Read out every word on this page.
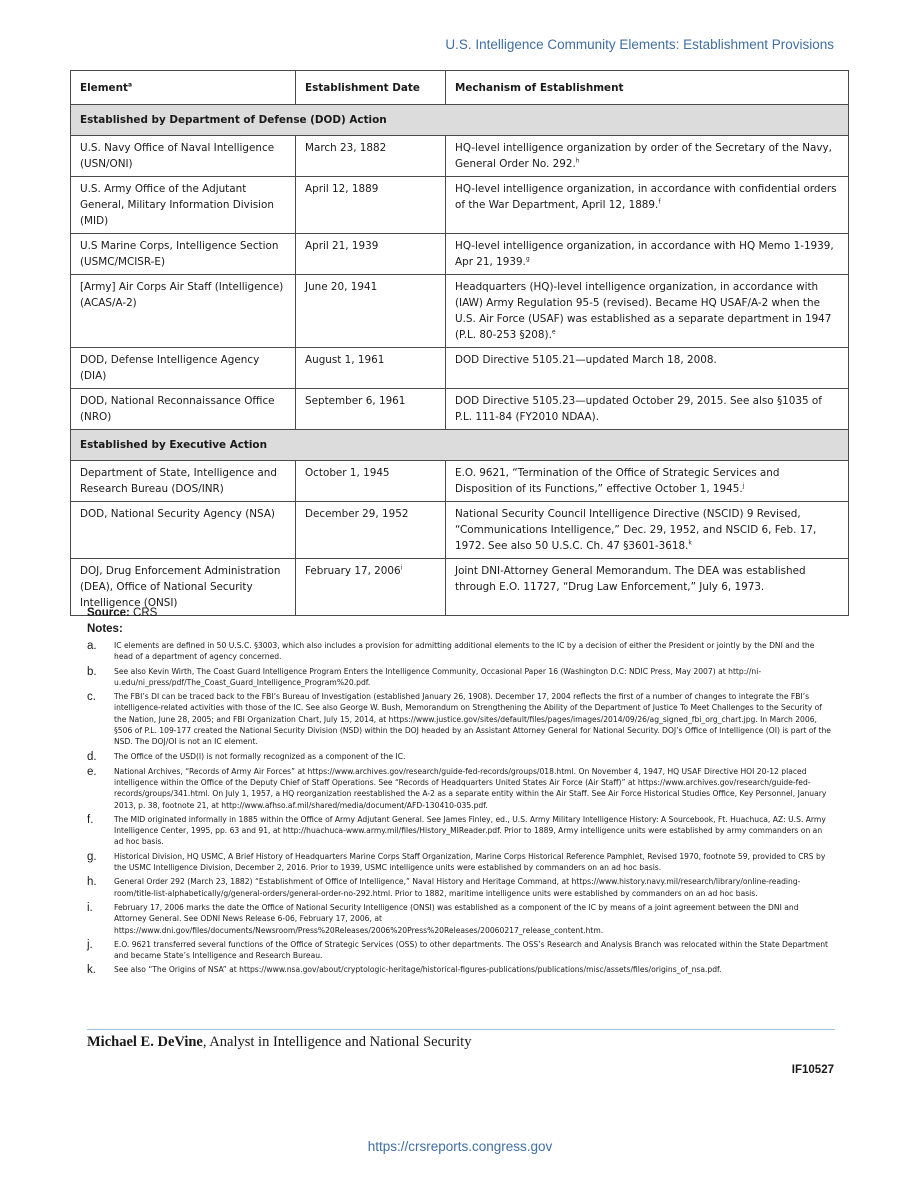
U.S. Intelligence Community Elements: Establishment Provisions
Element$^a$	Establishment Date	Mechanism of Establishment
Established by Department of Defense (DOD) Action		
U.S. Navy Office of Naval Intelligence (USN/ONI)	March 23, 1882	HQ-level intelligence organization by order of the Secretary of the Navy, General Order No. 292.$^h$
U.S. Army Office of the Adjutant General, Military Information Division (MID)	April 12, 1889	HQ-level intelligence organization, in accordance with confidential orders of the War Department, April 12, 1889.$^f$
U.S Marine Corps, Intelligence Section (USMC/MCISR-E)	April 21, 1939	HQ-level intelligence organization, in accordance with HQ Memo 1-1939, Apr 21, 1939.$^g$
[Army] Air Corps Air Staff (Intelligence) (ACAS/A-2)	June 20, 1941	Headquarters (HQ)-level intelligence organization, in accordance with (IAW) Army Regulation 95-5 (revised). Became HQ USAF/A-2 when the U.S. Air Force (USAF) was established as a separate department in 1947 (P.L. 80-253 §208).$^e$
DOD, Defense Intelligence Agency (DIA)	August 1, 1961	DOD Directive 5105.21—updated March 18, 2008.
DOD, National Reconnaissance Office (NRO)	September 6, 1961	DOD Directive 5105.23—updated October 29, 2015. See also §1035 of P.L. 111-84 (FY2010 NDAA).
Established by Executive Action		
Department of State, Intelligence and Research Bureau (DOS/INR)	October 1, 1945	E.O. 9621, “Termination of the Office of Strategic Services and Disposition of its Functions,” effective October 1, 1945.$^j$
DOD, National Security Agency (NSA)	December 29, 1952	National Security Council Intelligence Directive (NSCID) 9 Revised, “Communications Intelligence,” Dec. 29, 1952, and NSCID 6, Feb. 17, 1972. See also 50 U.S.C. Ch. 47 §3601-3618.$^k$
DOJ, Drug Enforcement Administration (DEA), Office of National Security Intelligence (ONSI)	February 17, 2006$^i$	Joint DNI-Attorney General Memorandum. The DEA was established through E.O. 11727, “Drug Law Enforcement,” July 6, 1973.
Source: CRS
Notes:
a.	IC elements are defined in 50 U.S.C. §3003, which also includes a provision for admitting additional elements to the IC by a decision of either the President or jointly by the DNI and the head of a department of agency concerned.
b.	See also Kevin Wirth, The Coast Guard Intelligence Program Enters the Intelligence Community, Occasional Paper 16 (Washington D.C: NDIC Press, May 2007) at http://ni-u.edu/ni_press/pdf/The_Coast_Guard_Intelligence_Program%20.pdf.
c.	The FBI’s DI can be traced back to the FBI’s Bureau of Investigation (established January 26, 1908). December 17, 2004 reflects the first of a number of changes to integrate the FBI’s intelligence-related activities with those of the IC. See also George W. Bush, Memorandum on Strengthening the Ability of the Department of Justice To Meet Challenges to the Security of the Nation, June 28, 2005; and FBI Organization Chart, July 15, 2014, at https://www.justice.gov/sites/default/files/pages/images/2014/09/26/ag_signed_fbi_org_chart.jpg. In March 2006, §506 of P.L. 109-177 created the National Security Division (NSD) within the DOJ headed by an Assistant Attorney General for National Security. DOJ’s Office of Intelligence (OI) is part of the NSD. The DOJ/OI is not an IC element.
d.	The Office of the USD(I) is not formally recognized as a component of the IC.
e.	National Archives, “Records of Army Air Forces” at https://www.archives.gov/research/guide-fed-records/groups/018.html. On November 4, 1947, HQ USAF Directive HOI 20-12 placed intelligence within the Office of the Deputy Chief of Staff Operations. See “Records of Headquarters United States Air Force (Air Staff)” at https://www.archives.gov/research/guide-fed-records/groups/341.html. On July 1, 1957, a HQ reorganization reestablished the A-2 as a separate entity within the Air Staff. See Air Force Historical Studies Office, Key Personnel, January 2013, p. 38, footnote 21, at http://www.afhso.af.mil/shared/media/document/AFD-130410-035.pdf.
f.	The MID originated informally in 1885 within the Office of Army Adjutant General. See James Finley, ed., U.S. Army Military Intelligence History: A Sourcebook, Ft. Huachuca, AZ: U.S. Army Intelligence Center, 1995, pp. 63 and 91, at http://huachuca-www.army.mil/files/History_MIReader.pdf. Prior to 1889, Army intelligence units were established by army commanders on an ad hoc basis.
g.	Historical Division, HQ USMC, A Brief History of Headquarters Marine Corps Staff Organization, Marine Corps Historical Reference Pamphlet, Revised 1970, footnote 59, provided to CRS by the USMC Intelligence Division, December 2, 2016. Prior to 1939, USMC intelligence units were established by commanders on an ad hoc basis.
h.	General Order 292 (March 23, 1882) “Establishment of Office of Intelligence,” Naval History and Heritage Command, at https://www.history.navy.mil/research/library/online-reading-room/title-list-alphabetically/g/general-orders/general-order-no-292.html. Prior to 1882, maritime intelligence units were established by commanders on an ad hoc basis.
i.	February 17, 2006 marks the date the Office of National Security Intelligence (ONSI) was established as a component of the IC by means of a joint agreement between the DNI and Attorney General. See ODNI News Release 6-06, February 17, 2006, at https://www.dni.gov/files/documents/Newsroom/Press%20Releases/2006%20Press%20Releases/20060217_release_content.htm.
j.	E.O. 9621 transferred several functions of the Office of Strategic Services (OSS) to other departments. The OSS’s Research and Analysis Branch was relocated within the State Department and became State’s Intelligence and Research Bureau.
k.	See also “The Origins of NSA” at https://www.nsa.gov/about/cryptologic-heritage/historical-figures-publications/publications/misc/assets/files/origins_of_nsa.pdf.
Michael E. DeVine, Analyst in Intelligence and National Security
IF10527
https://crsreports.congress.gov
